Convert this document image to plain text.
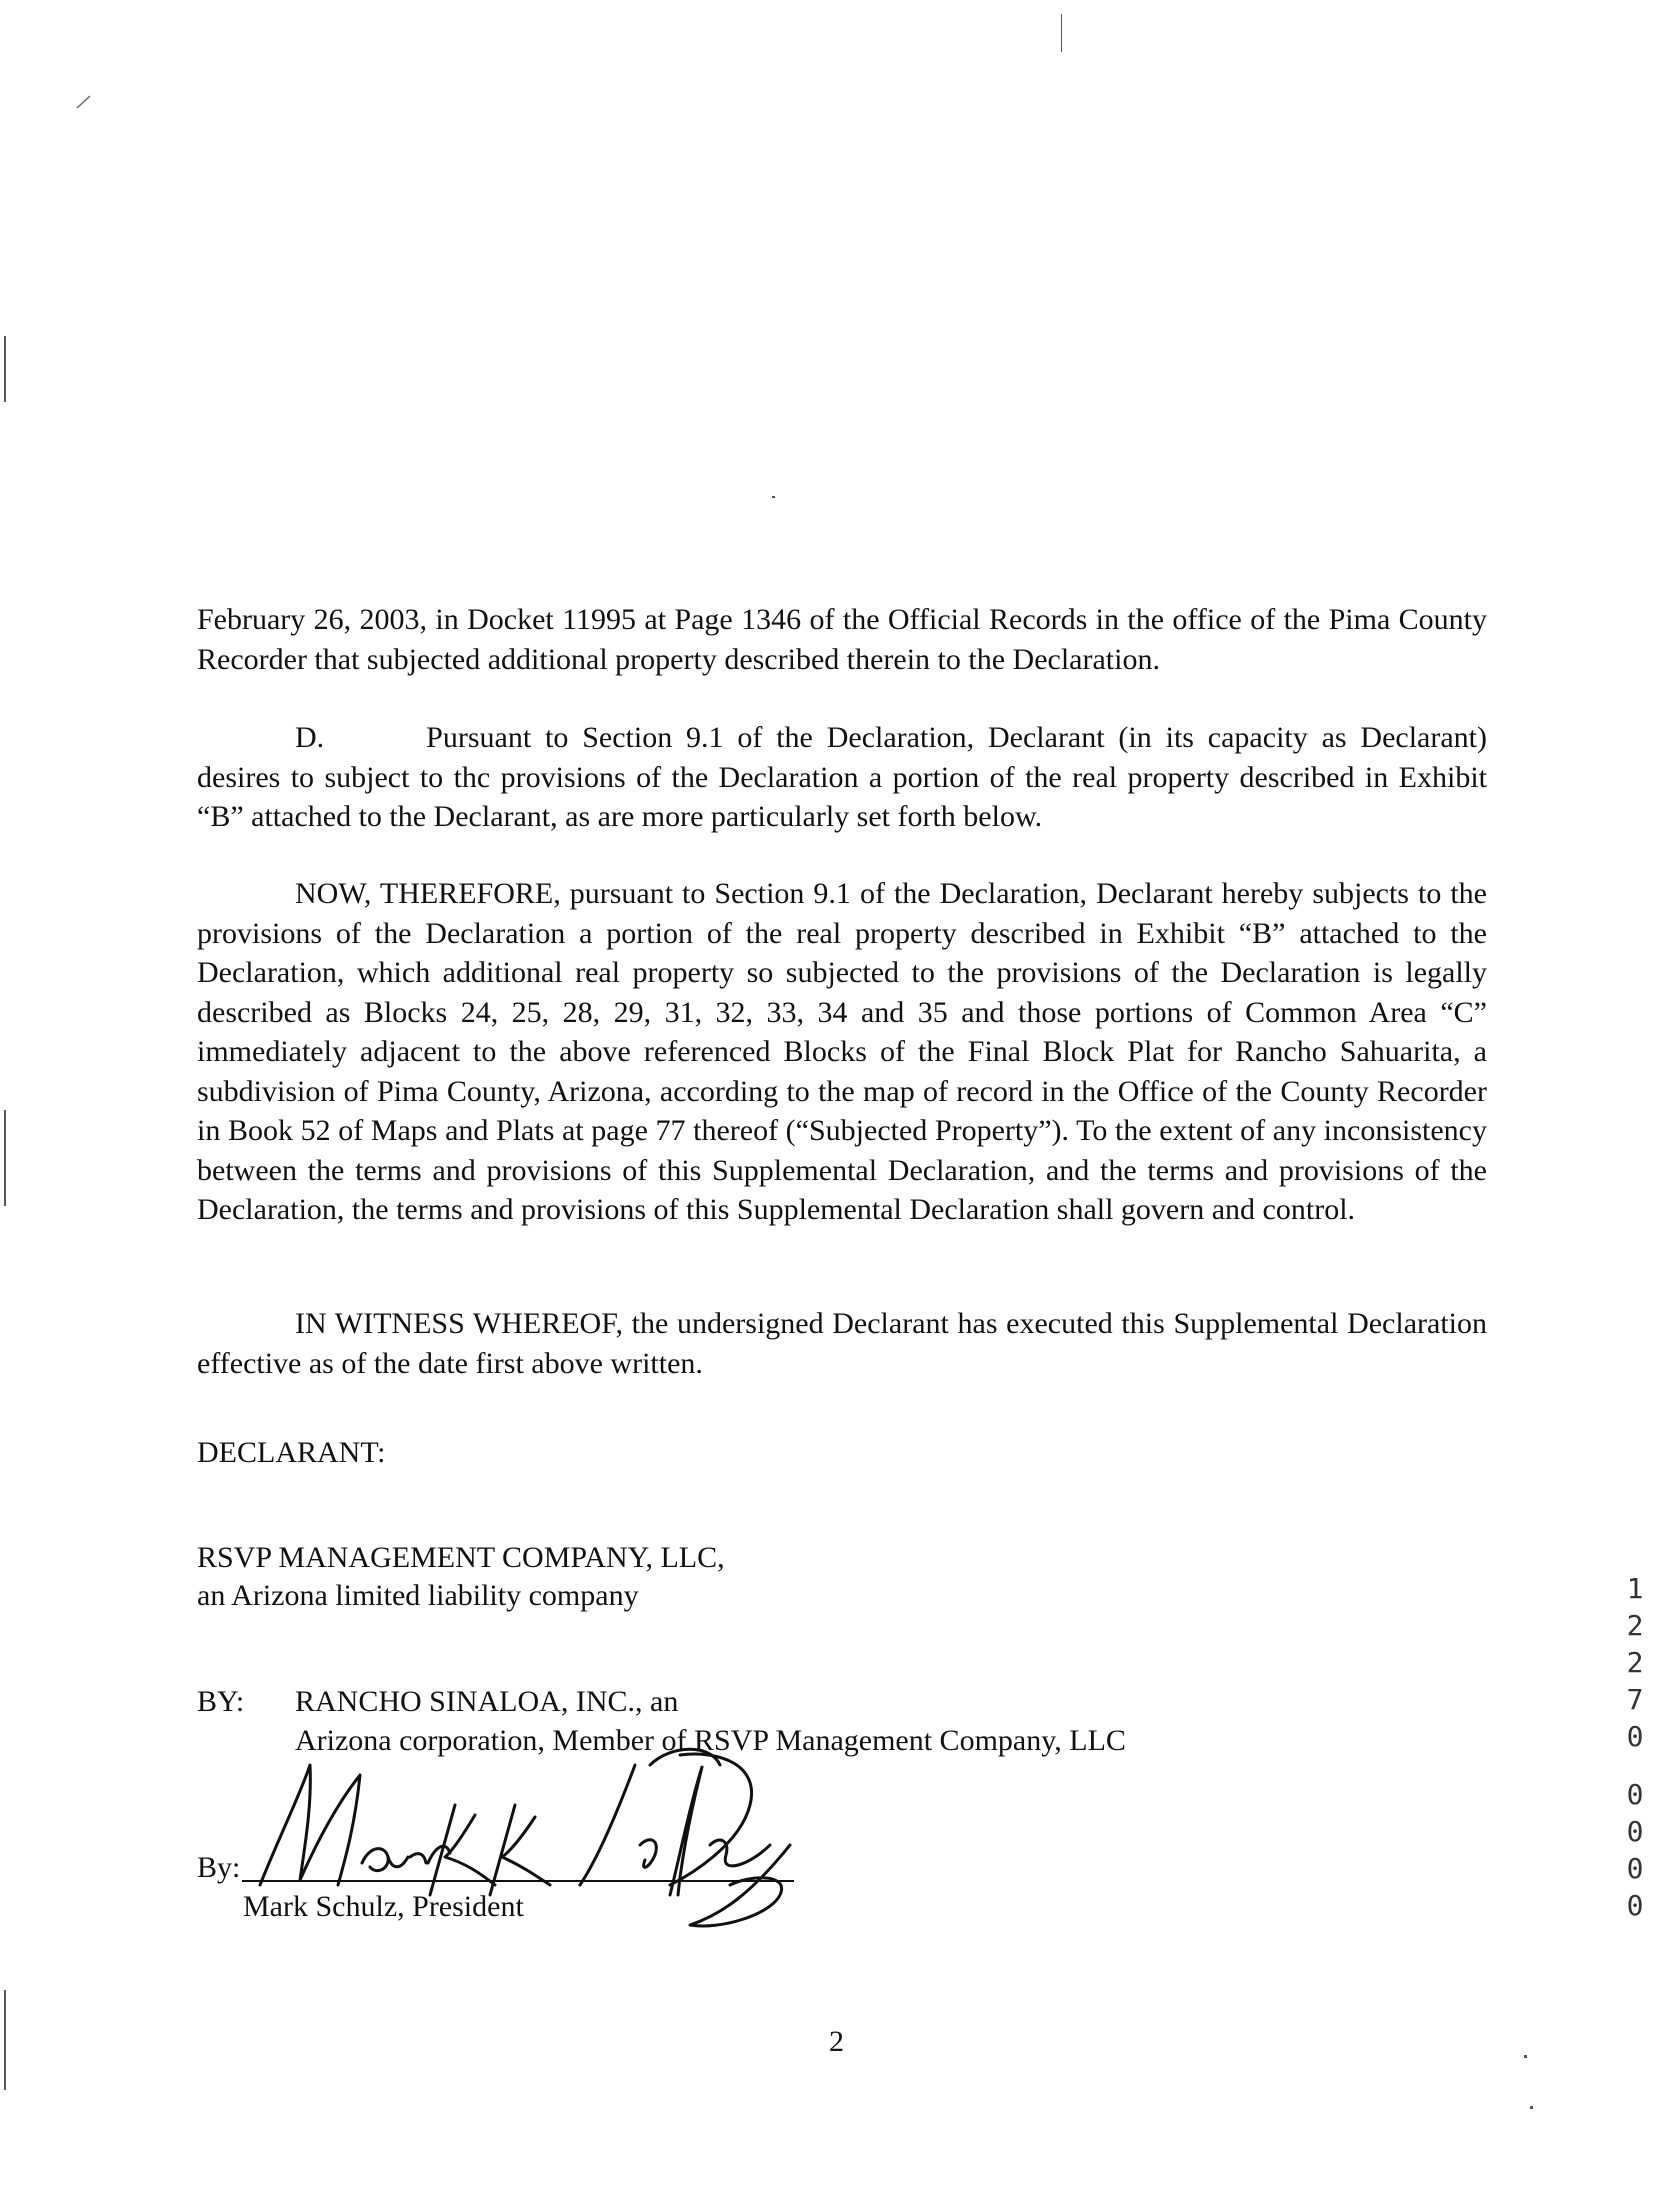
February 26, 2003, in Docket 11995 at Page 1346 of the Official Records in the office of the Pima County Recorder that subjected additional property described therein to the Declaration.

D.	Pursuant to Section 9.1 of the Declaration, Declarant (in its capacity as Declarant) desires to subject to thc provisions of the Declaration a portion of the real property described in Exhibit “B” attached to the Declarant, as are more particularly set forth below.

NOW, THEREFORE, pursuant to Section 9.1 of the Declaration, Declarant hereby subjects to the provisions of the Declaration a portion of the real property described in Exhibit “B” attached to the Declaration, which additional real property so subjected to the provisions of the Declaration is legally described as Blocks 24, 25, 28, 29, 31, 32, 33, 34 and 35 and those portions of Common Area “C” immediately adjacent to the above referenced Blocks of the Final Block Plat for Rancho Sahuarita, a subdivision of Pima County, Arizona, according to the map of record in the Office of the County Recorder in Book 52 of Maps and Plats at page 77 thereof (“Subjected Property”). To the extent of any inconsistency between the terms and provisions of this Supplemental Declaration, and the terms and provisions of the Declaration, the terms and provisions of this Supplemental Declaration shall govern and control.

IN WITNESS WHEREOF, the undersigned Declarant has executed this Supplemental Declaration effective as of the date first above written.

DECLARANT:
RSVP MANAGEMENT COMPANY, LLC,
an Arizona limited liability company
BY: RANCHO SINALOA, INC., an
Arizona corporation, Member of RSVP Management Company, LLC
By:
Mark Schulz, President
2
1
2
2
7
0
0
0
0
0
